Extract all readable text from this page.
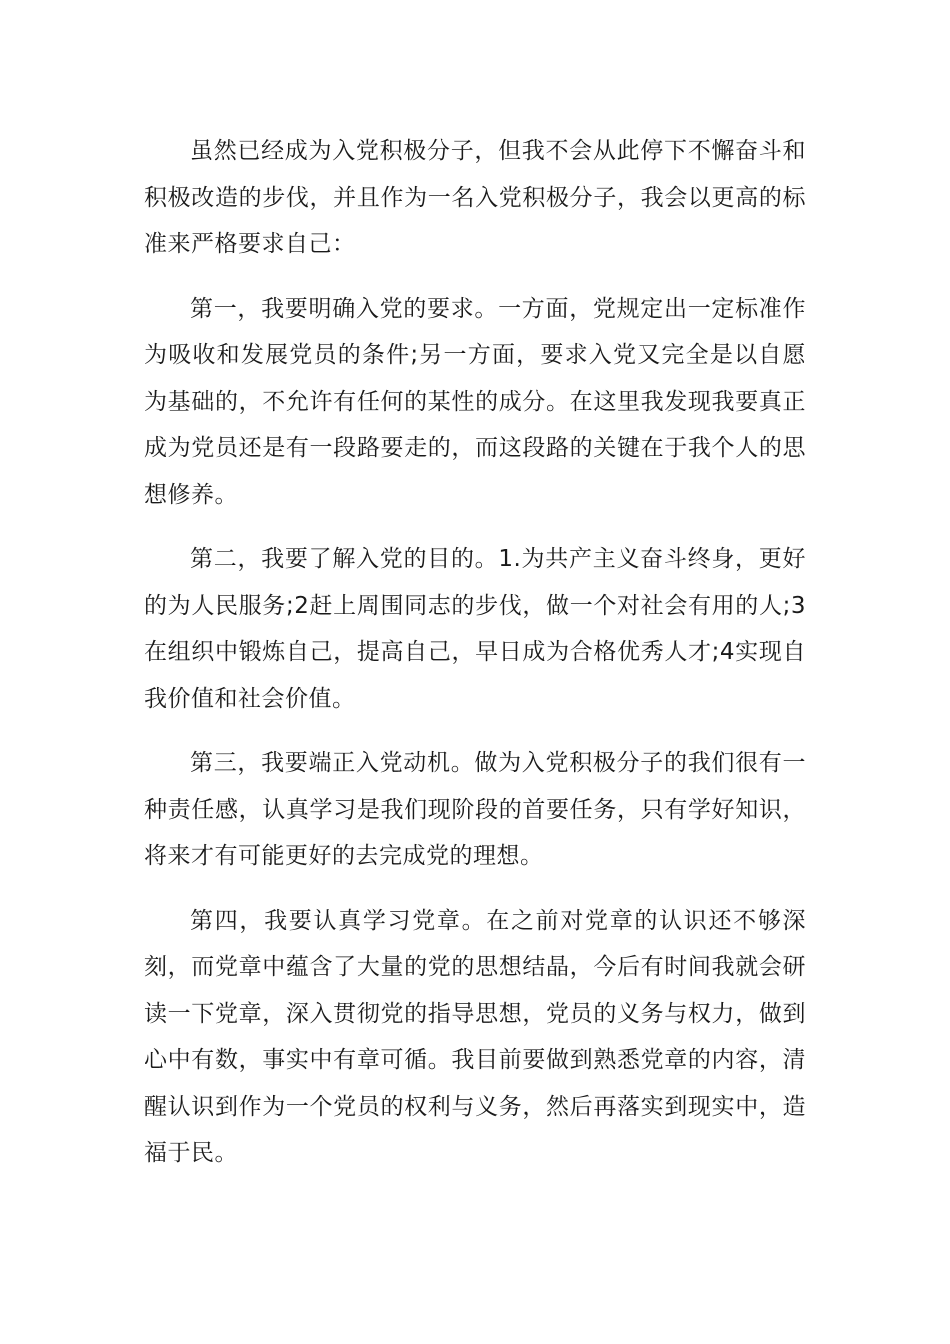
虽然已经成为入党积极分子，但我不会从此停下不懈奋斗和积极改造的步伐，并且作为一名入党积极分子，我会以更高的标准来严格要求自己：

第一，我要明确入党的要求。一方面，党规定出一定标准作为吸收和发展党员的条件;另一方面，要求入党又完全是以自愿为基础的，不允许有任何的某性的成分。在这里我发现我要真正成为党员还是有一段路要走的，而这段路的关键在于我个人的思想修养。

第二，我要了解入党的目的。1.为共产主义奋斗终身，更好的为人民服务;2赶上周围同志的步伐，做一个对社会有用的人;3在组织中锻炼自己，提高自己，早日成为合格优秀人才;4实现自我价值和社会价值。

第三，我要端正入党动机。做为入党积极分子的我们很有一种责任感，认真学习是我们现阶段的首要任务，只有学好知识，将来才有可能更好的去完成党的理想。

第四，我要认真学习党章。在之前对党章的认识还不够深刻，而党章中蕴含了大量的党的思想结晶，今后有时间我就会研读一下党章，深入贯彻党的指导思想，党员的义务与权力，做到心中有数，事实中有章可循。我目前要做到熟悉党章的内容，清醒认识到作为一个党员的权利与义务，然后再落实到现实中，造福于民。
